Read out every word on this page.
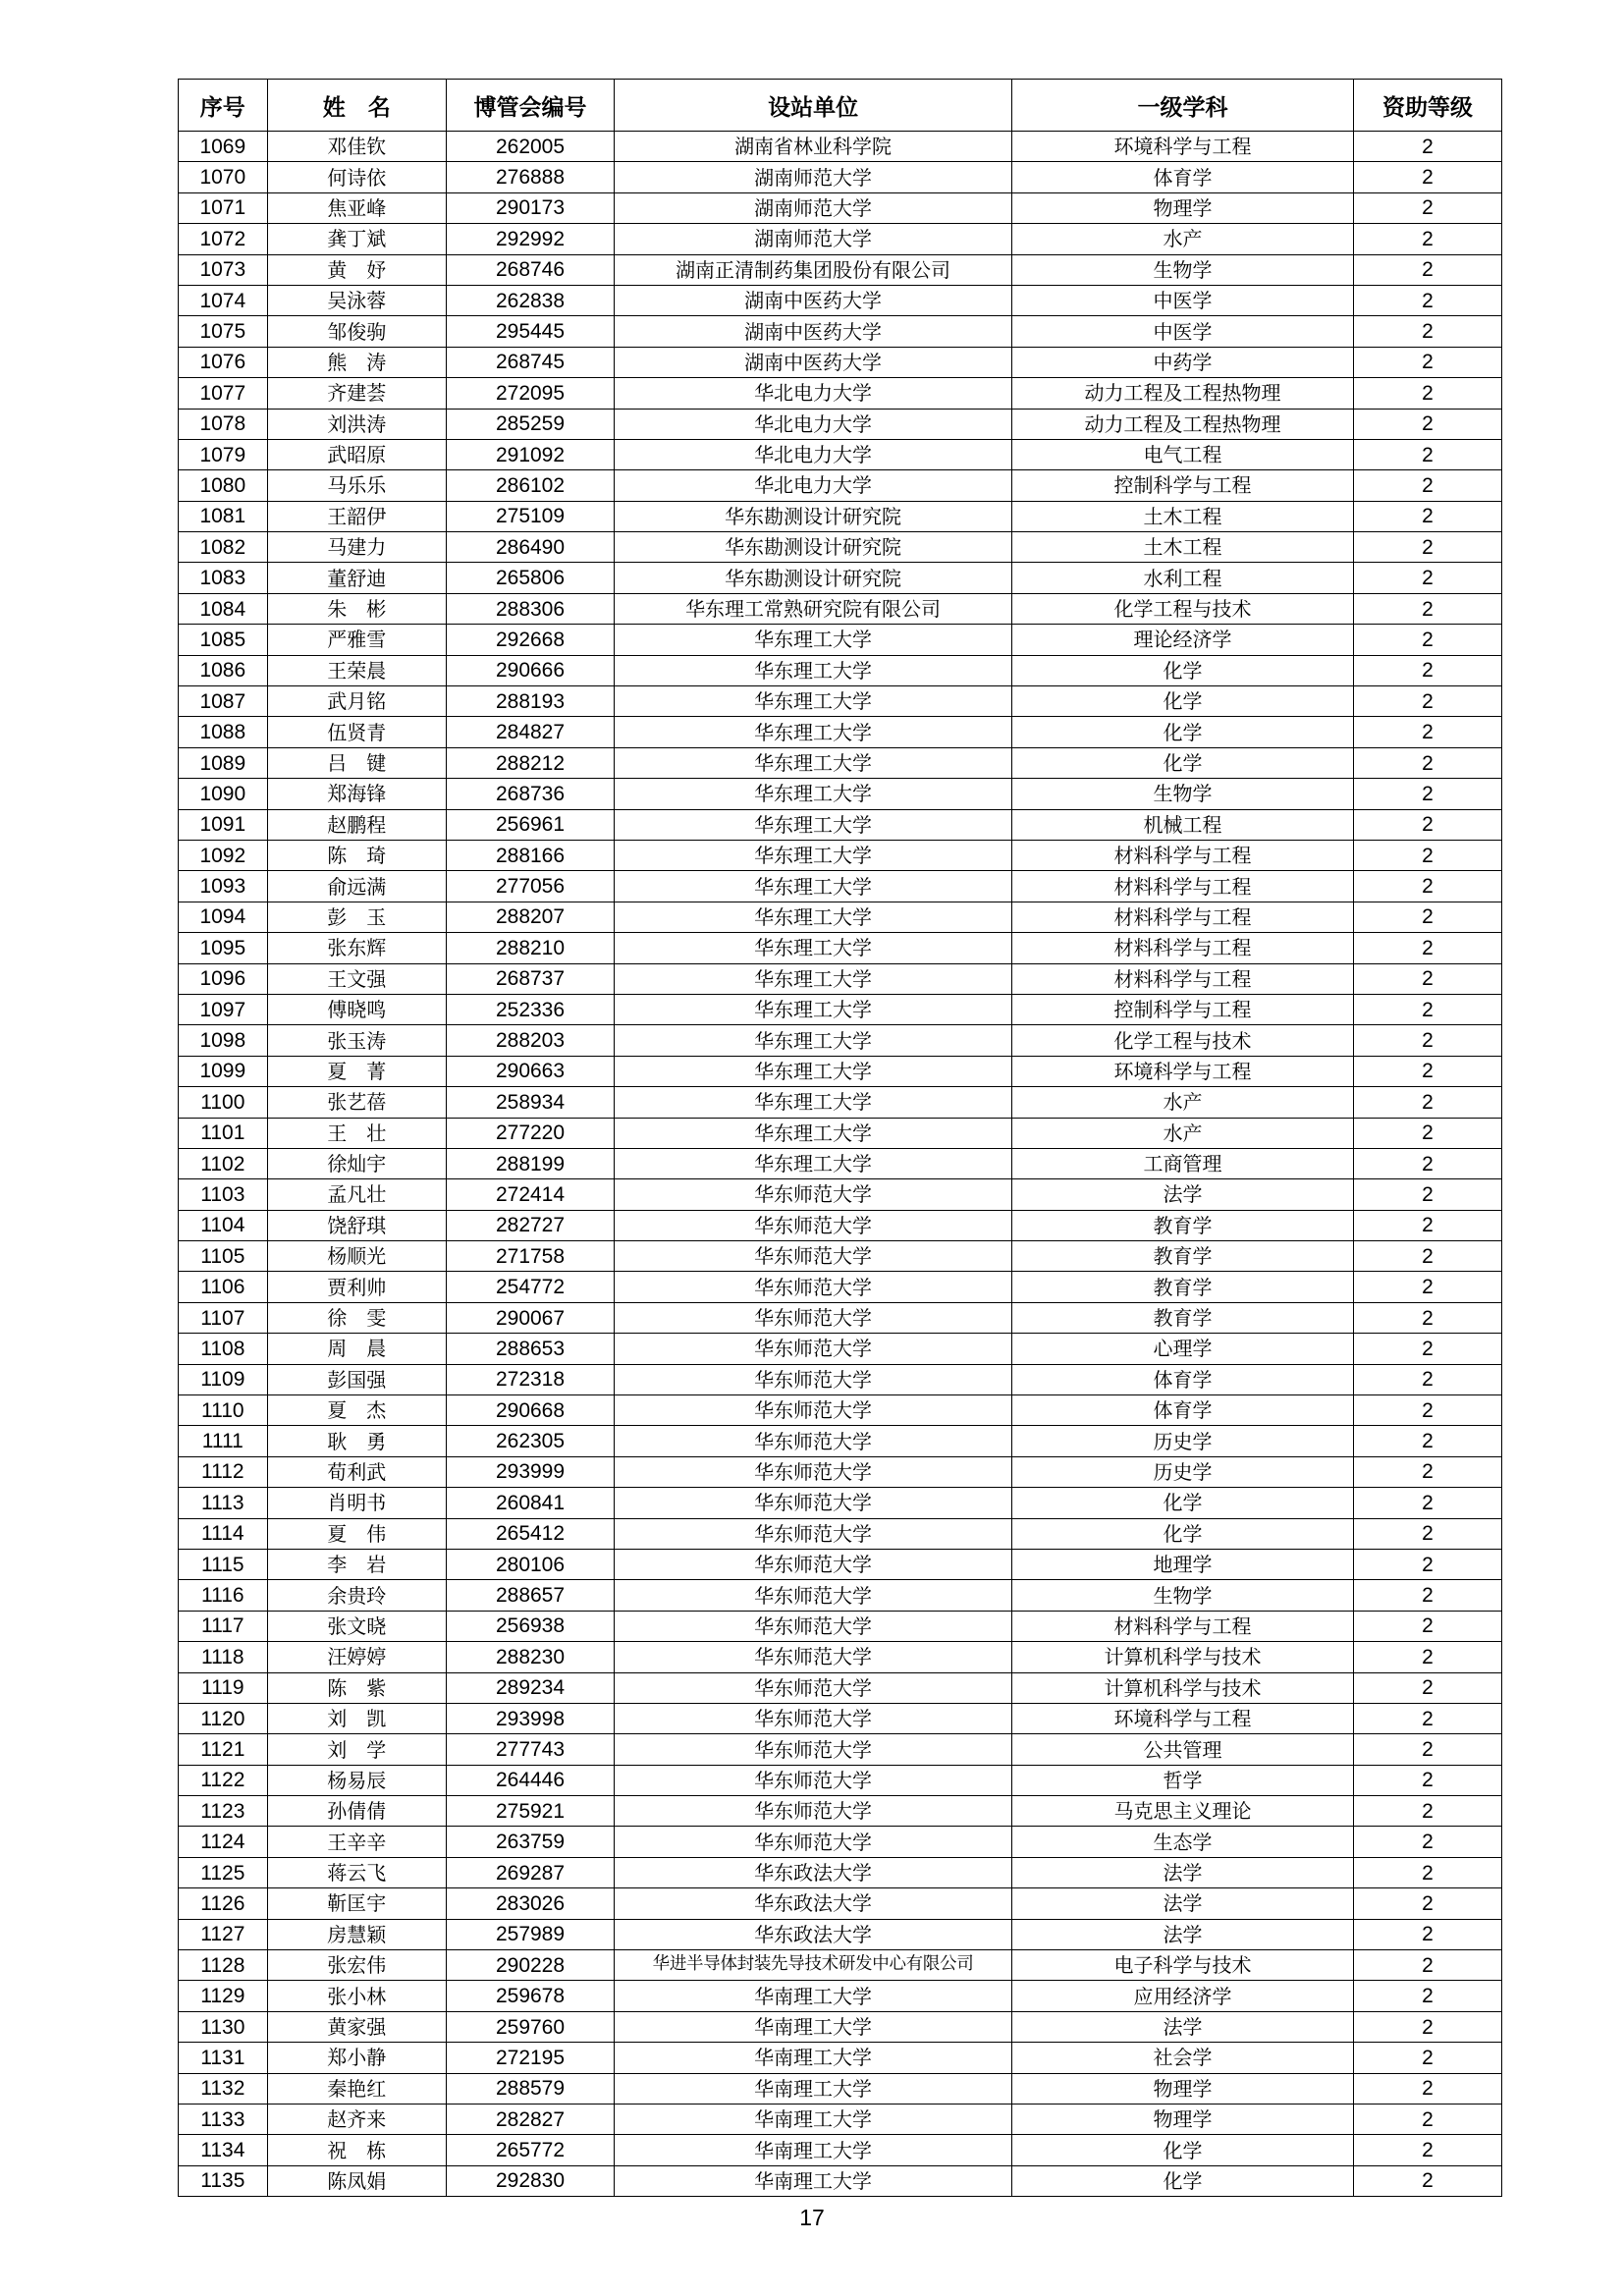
序号	姓　名	博管会编号	设站单位	一级学科	资助等级
1069	邓佳钦	262005	湖南省林业科学院	环境科学与工程	2
1070	何诗依	276888	湖南师范大学	体育学	2
1071	焦亚峰	290173	湖南师范大学	物理学	2
1072	龚丁斌	292992	湖南师范大学	水产	2
1073	黄　妤	268746	湖南正清制药集团股份有限公司	生物学	2
1074	吴泳蓉	262838	湖南中医药大学	中医学	2
1075	邹俊驹	295445	湖南中医药大学	中医学	2
1076	熊　涛	268745	湖南中医药大学	中药学	2
1077	齐建荟	272095	华北电力大学	动力工程及工程热物理	2
1078	刘洪涛	285259	华北电力大学	动力工程及工程热物理	2
1079	武昭原	291092	华北电力大学	电气工程	2
1080	马乐乐	286102	华北电力大学	控制科学与工程	2
1081	王韶伊	275109	华东勘测设计研究院	土木工程	2
1082	马建力	286490	华东勘测设计研究院	土木工程	2
1083	董舒迪	265806	华东勘测设计研究院	水利工程	2
1084	朱　彬	288306	华东理工常熟研究院有限公司	化学工程与技术	2
1085	严雅雪	292668	华东理工大学	理论经济学	2
1086	王荣晨	290666	华东理工大学	化学	2
1087	武月铭	288193	华东理工大学	化学	2
1088	伍贤青	284827	华东理工大学	化学	2
1089	吕　键	288212	华东理工大学	化学	2
1090	郑海锋	268736	华东理工大学	生物学	2
1091	赵鹏程	256961	华东理工大学	机械工程	2
1092	陈　琦	288166	华东理工大学	材料科学与工程	2
1093	俞远满	277056	华东理工大学	材料科学与工程	2
1094	彭　玉	288207	华东理工大学	材料科学与工程	2
1095	张东辉	288210	华东理工大学	材料科学与工程	2
1096	王文强	268737	华东理工大学	材料科学与工程	2
1097	傅晓鸣	252336	华东理工大学	控制科学与工程	2
1098	张玉涛	288203	华东理工大学	化学工程与技术	2
1099	夏　菁	290663	华东理工大学	环境科学与工程	2
1100	张艺蓓	258934	华东理工大学	水产	2
1101	王　壮	277220	华东理工大学	水产	2
1102	徐灿宇	288199	华东理工大学	工商管理	2
1103	孟凡壮	272414	华东师范大学	法学	2
1104	饶舒琪	282727	华东师范大学	教育学	2
1105	杨顺光	271758	华东师范大学	教育学	2
1106	贾利帅	254772	华东师范大学	教育学	2
1107	徐　雯	290067	华东师范大学	教育学	2
1108	周　晨	288653	华东师范大学	心理学	2
1109	彭国强	272318	华东师范大学	体育学	2
1110	夏　杰	290668	华东师范大学	体育学	2
1111	耿　勇	262305	华东师范大学	历史学	2
1112	荀利武	293999	华东师范大学	历史学	2
1113	肖明书	260841	华东师范大学	化学	2
1114	夏　伟	265412	华东师范大学	化学	2
1115	李　岩	280106	华东师范大学	地理学	2
1116	余贵玲	288657	华东师范大学	生物学	2
1117	张文晓	256938	华东师范大学	材料科学与工程	2
1118	汪婷婷	288230	华东师范大学	计算机科学与技术	2
1119	陈　紫	289234	华东师范大学	计算机科学与技术	2
1120	刘　凯	293998	华东师范大学	环境科学与工程	2
1121	刘　学	277743	华东师范大学	公共管理	2
1122	杨易辰	264446	华东师范大学	哲学	2
1123	孙倩倩	275921	华东师范大学	马克思主义理论	2
1124	王辛辛	263759	华东师范大学	生态学	2
1125	蒋云飞	269287	华东政法大学	法学	2
1126	靳匡宇	283026	华东政法大学	法学	2
1127	房慧颖	257989	华东政法大学	法学	2
1128	张宏伟	290228	华进半导体封装先导技术研发中心有限公司	电子科学与技术	2
1129	张小林	259678	华南理工大学	应用经济学	2
1130	黄家强	259760	华南理工大学	法学	2
1131	郑小静	272195	华南理工大学	社会学	2
1132	秦艳红	288579	华南理工大学	物理学	2
1133	赵齐来	282827	华南理工大学	物理学	2
1134	祝　栋	265772	华南理工大学	化学	2
1135	陈凤娟	292830	华南理工大学	化学	2
17
